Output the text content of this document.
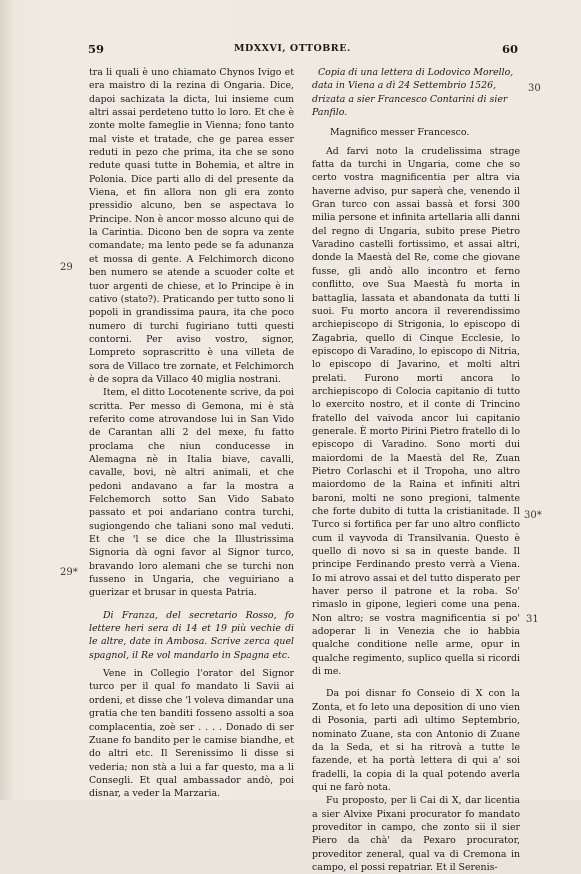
59	MDXXVI, OTTOBRE.	60
29
29*
30
30*
31

tra li quali è uno chiamato Chynos Ivigo et era maistro di la rezina di Ongaria. Dice, dapoi sachizata la dicta, lui insieme cum altri assai perdeteno tutto lo loro. Et che è zonte molte fameglie in Vienna; fono tanto mal viste et tratade, che ge parea esser reduti in pezo che prima, ita che se sono redute quasi tutte in Bohemia, et altre in Polonia. Dice parti allo di del presente da Viena, et fin allora non gli era zonto pressidio alcuno, ben se aspectava lo Principe. Non è ancor mosso alcuno qui de la Carintia. Dicono ben de sopra va zente comandate; ma lento pede se fa adunanza et mossa di gente. A Felchimorch dicono ben numero se atende a scuoder colte et tuor argenti de chiese, et lo Principe è in cativo (stato?). Praticando per tutto sono li popoli in grandissima paura, ita che poco numero di turchi fugiriano tutti questi contorni. Per aviso vostro, signor, Lompreto soprascritto è una villeta de sora de Villaco tre zornate, et Felchimorch è de sopra da Villaco 40 miglia nostrani.

Item, el ditto Locotenente scrive, da poi scritta. Per messo di Gemona, mi è stà referito come atrovandose lui in San Vido de Carantan alli 2 del mexe, fu fatto proclama che niun conducesse in Alemagna nè in Italia biave, cavalli, cavalle, bovi, nè altri animali, et che pedoni andavano a far la mostra a Felchemorch sotto San Vido Sabato passato et poi andariano contra turchi, sugiongendo che taliani sono mal veduti. Et che 'l se dice che la Illustrissima Signoria dà ogni favor al Signor turco, bravando loro alemani che se turchi non fusseno in Ungaria, che veguiriano a guerizar et brusar in questa Patria.

Di Franza, del secretario Rosso, fo lettere heri sera di 14 et 19 più vechie di le altre, date in Ambosa. Scrive zerca quel spagnol, il Re vol mandarlo in Spagna etc.

Vene in Collegio l'orator del Signor turco per il qual fo mandato li Savii ai ordeni, et disse che 'l voleva dimandar una gratia che ten banditi fosseno assolti a soa complacentia, zoè ser . . . . Donado di ser Zuane fo bandito per le camise biandhe, et do altri etc. Il Serenissimo li disse si vederia; non stà a lui a far questo, ma a li Consegli. Et qual ambassador andò, poi disnar, a veder la Marzaria.

Copia di una lettera di Lodovico Morello, data in Viena a dì 24 Settembrio 1526, drizata a sier Francesco Contarini di sier Panfilo.

Magnifico messer Francesco.

Ad farvi noto la crudelissima strage fatta da turchi in Ungaria, come che so certo vostra magnificentia per altra via haverne adviso, pur saperà che, venendo il Gran turco con assai bassà et forsi 300 milia persone et infinita artellaria alli danni del regno di Ungaria, subito prese Pietro Varadino castelli fortissimo, et assai altri, donde la Maestà del Re, come che giovane fusse, gli andò allo incontro et ferno conflitto, ove Sua Maestà fu morta in battaglia, lassata et abandonata da tutti li suoi. Fu morto ancora il reverendissimo archiepiscopo di Strigonia, lo episcopo di Zagabria, quello di Cinque Ecclesie, lo episcopo di Varadino, lo episcopo di Nitria, lo episcopo di Javarino, et molti altri prelati. Furono morti ancora lo archiepiscopo di Colocia capitanio di tutto lo exercito nostro, et il conte di Trincino fratello del vaivoda ancor lui capitanio generale. È morto Pirini Pietro fratello di lo episcopo di Varadino. Sono morti dui maiordomi de la Maestà del Re, Zuan Pietro Corlaschi et il Tropoha, uno altro maiordomo de la Raina et infiniti altri baroni, molti ne sono pregioni, talmente che forte dubito di tutta la cristianitade. Il Turco si fortifica per far uno altro conflicto cum il vayvoda di Transilvania. Questo è quello di novo si sa in queste bande. Il principe Ferdinando presto verrà a Viena. Io mi atrovo assai et del tutto disperato per haver perso il patrone et la roba. So' rimaslo in gipone, legieri come una pena. Non altro; se vostra magnificentia si po' adoperar li in Venezia che io habbia qualche conditione nelle arme, opur in qualche regimento, suplico quella si ricordi di me.

Da poi disnar fo Conseio di X con la Zonta, et fo leto una deposition di uno vien di Posonia, parti adì ultimo Septembrio, nominato Zuane, sta con Antonio di Zuane da la Seda, et si ha ritrovà a tutte le fazende, et ha portà lettera di qui a' soi fradelli, la copia di la qual potendo averla qui ne farò nota.

Fu proposto, per li Cai di X, dar licentia a sier Alvixe Pixani procurator fo mandato proveditor in campo, che zonto sii il sier Piero da chà' da Pexaro procurator, proveditor zeneral, qual va di Cremona in campo, el possi repatriar. Et il Serenis-
